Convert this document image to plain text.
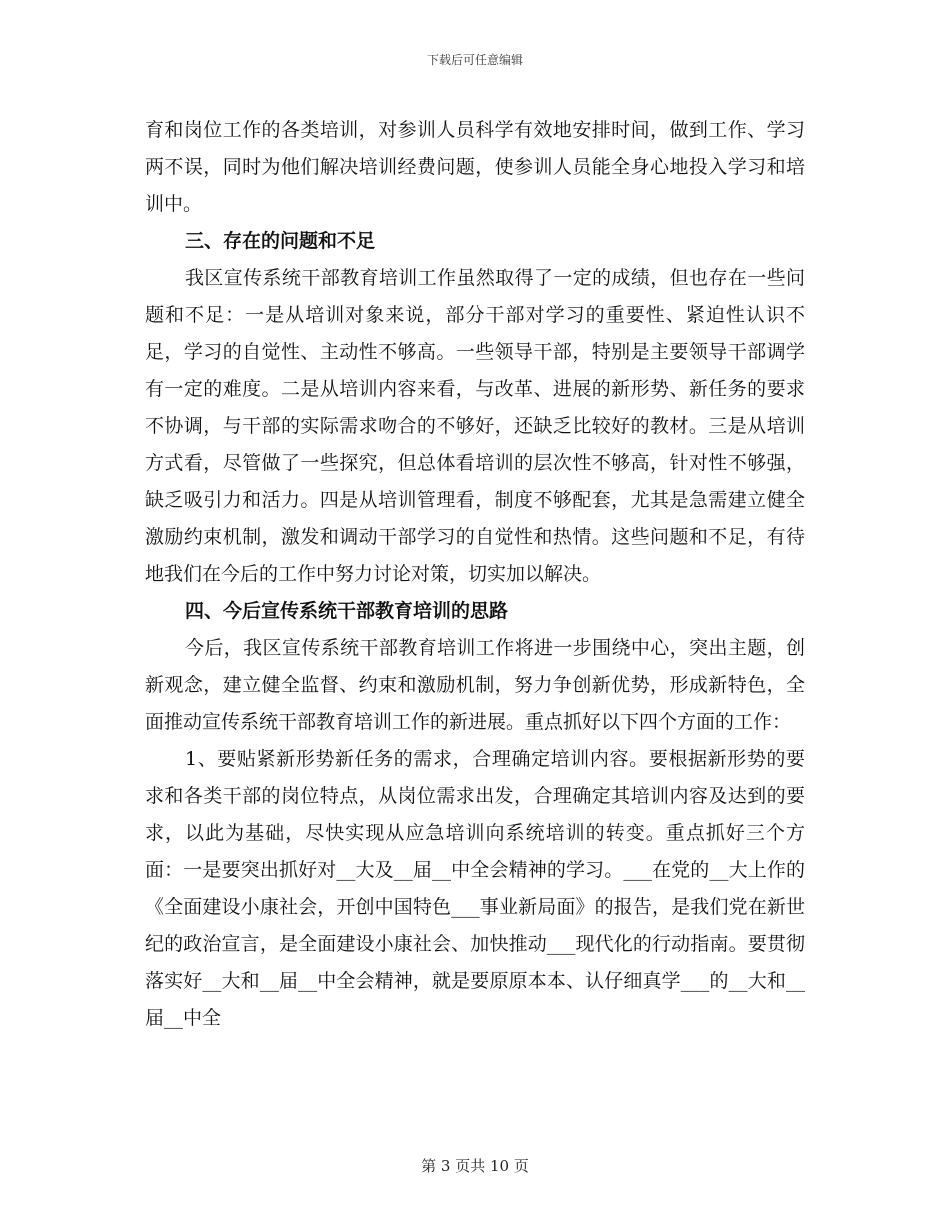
下载后可任意编辑

育和岗位工作的各类培训，对参训人员科学有效地安排时间，做到工作、学习两不误，同时为他们解决培训经费问题，使参训人员能全身心地投入学习和培训中。

三、存在的问题和不足

我区宣传系统干部教育培训工作虽然取得了一定的成绩，但也存在一些问题和不足：一是从培训对象来说，部分干部对学习的重要性、紧迫性认识不足，学习的自觉性、主动性不够高。一些领导干部，特别是主要领导干部调学有一定的难度。二是从培训内容来看，与改革、进展的新形势、新任务的要求不协调，与干部的实际需求吻合的不够好，还缺乏比较好的教材。三是从培训方式看，尽管做了一些探究，但总体看培训的层次性不够高，针对性不够强，缺乏吸引力和活力。四是从培训管理看，制度不够配套，尤其是急需建立健全激励约束机制，激发和调动干部学习的自觉性和热情。这些问题和不足，有待地我们在今后的工作中努力讨论对策，切实加以解决。

四、今后宣传系统干部教育培训的思路

今后，我区宣传系统干部教育培训工作将进一步围绕中心，突出主题，创新观念，建立健全监督、约束和激励机制，努力争创新优势，形成新特色，全面推动宣传系统干部教育培训工作的新进展。重点抓好以下四个方面的工作：

1、要贴紧新形势新任务的需求，合理确定培训内容。要根据新形势的要求和各类干部的岗位特点，从岗位需求出发，合理确定其培训内容及达到的要求，以此为基础，尽快实现从应急培训向系统培训的转变。重点抓好三个方面：一是要突出抓好对__大及__届__中全会精神的学习。___在党的__大上作的《全面建设小康社会，开创中国特色___事业新局面》的报告，是我们党在新世纪的政治宣言，是全面建设小康社会、加快推动___现代化的行动指南。要贯彻落实好__大和__届__中全会精神，就是要原原本本、认仔细真学___的__大和__届__中全

第 3 页共 10 页
